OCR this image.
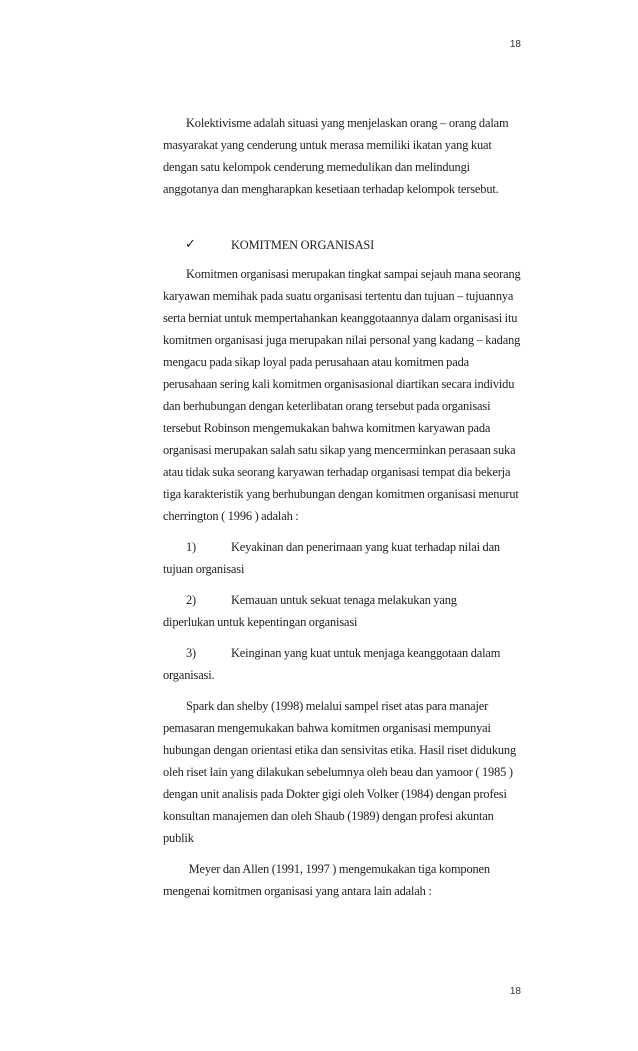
18

Kolektivisme adalah situasi yang menjelaskan orang – orang dalam masyarakat yang cenderung untuk merasa memiliki ikatan yang kuat dengan satu kelompok cenderung memedulikan dan melindungi anggotanya dan mengharapkan kesetiaan terhadap kelompok tersebut.

✓	KOMITMEN ORGANISASI

Komitmen organisasi merupakan tingkat sampai sejauh mana seorang karyawan memihak pada suatu organisasi tertentu dan tujuan – tujuannya serta berniat untuk mempertahankan keanggotaannya dalam organisasi itu komitmen organisasi juga merupakan nilai personal yang kadang – kadang mengacu pada sikap loyal pada perusahaan atau komitmen pada perusahaan sering kali komitmen organisasional diartikan secara individu dan berhubungan dengan keterlibatan orang tersebut pada organisasi tersebut Robinson mengemukakan bahwa komitmen karyawan pada organisasi merupakan salah satu sikap yang mencerminkan perasaan suka atau tidak suka seorang karyawan terhadap organisasi tempat dia bekerja tiga karakteristik yang berhubungan dengan komitmen organisasi menurut cherrington ( 1996 ) adalah :

1)	Keyakinan dan penerimaan yang kuat terhadap nilai dan
tujuan organisasi
2)	Kemauan untuk sekuat tenaga melakukan yang
diperlukan untuk kepentingan organisasi
3)	Keinginan yang kuat untuk menjaga keanggotaan dalam
organisasi.

Spark dan shelby (1998) melalui sampel riset atas para manajer pemasaran mengemukakan bahwa komitmen organisasi mempunyai hubungan dengan orientasi etika dan sensivitas etika. Hasil riset didukung oleh riset lain yang dilakukan sebelumnya oleh beau dan yamoor ( 1985 ) dengan unit analisis pada Dokter gigi oleh Volker (1984) dengan profesi konsultan manajemen dan oleh Shaub (1989) dengan profesi akuntan publik

Meyer dan Allen (1991, 1997 ) mengemukakan tiga komponen mengenai komitmen organisasi yang antara lain adalah :

18
